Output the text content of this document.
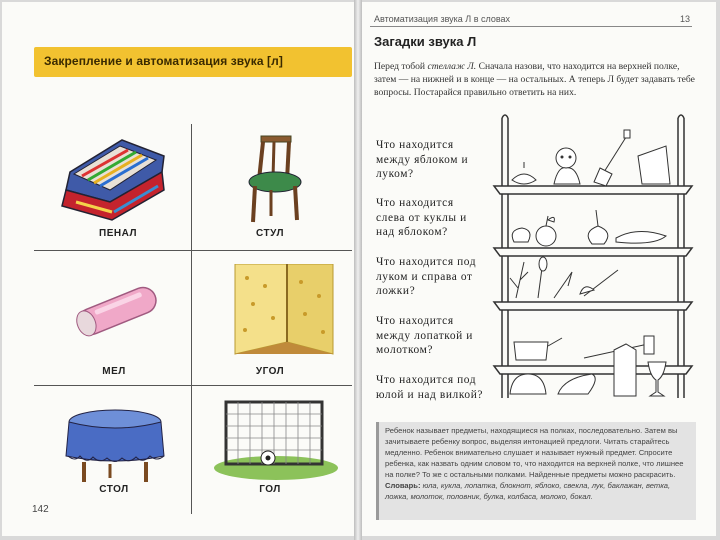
Закрепление и автоматизация звука [л]
ПЕНАЛ	СТУЛ
МЕЛ	УГОЛ
СТОЛ	ГОЛ
142
Автоматизация звука Л в словах	13
Загадки звука Л
Перед тобой стеллаж Л. Сначала назови, что находится на верхней полке, затем — на нижней и в конце — на остальных. А теперь Л будет задавать тебе вопросы. Постарайся правильно ответить на них.
Что находится между яблоком и луком?
Что находится слева от куклы и над яблоком?
Что находится под луком и справа от ложки?
Что находится между лопаткой и молотком?
Что находится под юлой и над вилкой?
Ребенок называет предметы, находящиеся на полках, последовательно. Затем вы зачитываете ребенку вопрос, выделяя интонацией предлоги. Читать старайтесь медленно. Ребенок внимательно слушает и называет нужный предмет. Спросите ребенка, как назвать одним словом то, что находится на верхней полке, что лишнее на полке? То же с остальными полками. Найденные предметы можно раскрасить. Словарь: юла, кукла, лопатка, блокнот, яблоко, свекла, лук, баклажан, ветка, ложка, молоток, половник, булка, колбаса, молоко, бокал.
